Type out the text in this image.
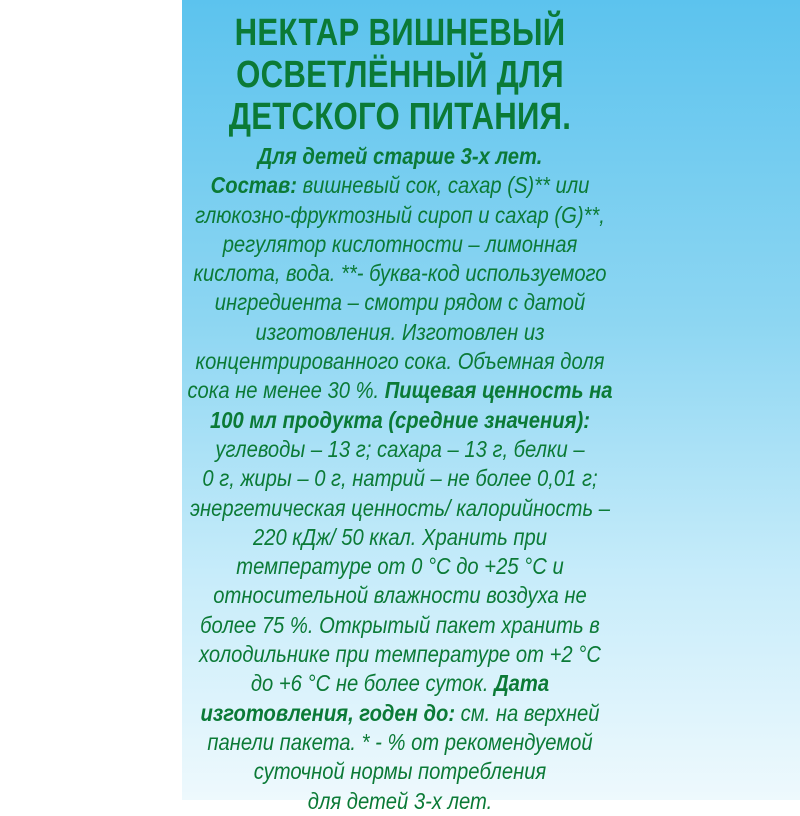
НЕКТАР ВИШНЕВЫЙ
ОСВЕТЛЁННЫЙ ДЛЯ
ДЕТСКОГО ПИТАНИЯ.
Для детей старше 3-х лет.
Состав: вишневый сок, сахар (S)** или
глюкозно-фруктозный сироп и сахар (G)**,
регулятор кислотности – лимонная
кислота, вода. **- буква-код используемого
ингредиента – смотри рядом с датой
изготовления. Изготовлен из
концентрированного сока. Объемная доля
сока не менее 30 %. Пищевая ценность на
100 мл продукта (средние значения):
углеводы – 13 г; сахара – 13 г, белки –
0 г, жиры – 0 г, натрий – не более 0,01 г;
энергетическая ценность/ калорийность –
220 кДж/ 50 ккал. Хранить при
температуре от 0 °С до +25 °С и
относительной влажности воздуха не
более 75 %. Открытый пакет хранить в
холодильнике при температуре от +2 °С
до +6 °С не более суток. Дата
изготовления, годен до: см. на верхней
панели пакета. * - % от рекомендуемой
суточной нормы потребления
для детей 3-х лет.
